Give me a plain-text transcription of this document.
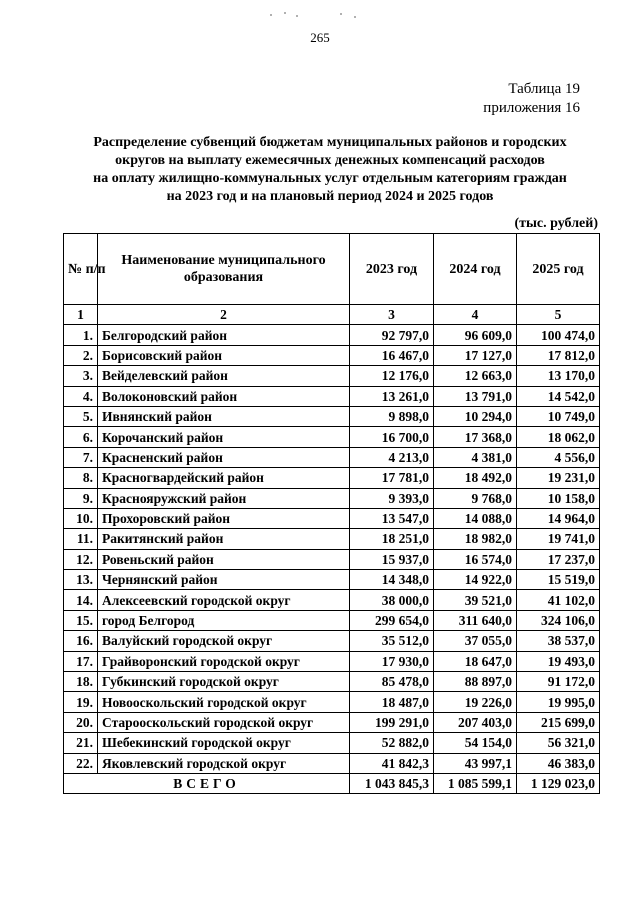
265
Таблица 19
приложения 16
Распределение субвенций бюджетам муниципальных районов и городских
округов на выплату ежемесячных денежных компенсаций расходов
на оплату жилищно-коммунальных услуг отдельным категориям граждан
на 2023 год и на плановый период 2024 и 2025 годов
(тыс. рублей)
№ п/п	Наименование муниципального образования	2023 год	2024 год	2025 год
1	2	3	4	5
1.	Белгородский район	92 797,0	96 609,0	100 474,0
2.	Борисовский район	16 467,0	17 127,0	17 812,0
3.	Вейделевский район	12 176,0	12 663,0	13 170,0
4.	Волоконовский район	13 261,0	13 791,0	14 542,0
5.	Ивнянский район	9 898,0	10 294,0	10 749,0
6.	Корочанский район	16 700,0	17 368,0	18 062,0
7.	Красненский район	4 213,0	4 381,0	4 556,0
8.	Красногвардейский район	17 781,0	18 492,0	19 231,0
9.	Краснояружский район	9 393,0	9 768,0	10 158,0
10.	Прохоровский район	13 547,0	14 088,0	14 964,0
11.	Ракитянский район	18 251,0	18 982,0	19 741,0
12.	Ровеньский район	15 937,0	16 574,0	17 237,0
13.	Чернянский район	14 348,0	14 922,0	15 519,0
14.	Алексеевский городской округ	38 000,0	39 521,0	41 102,0
15.	город Белгород	299 654,0	311 640,0	324 106,0
16.	Валуйский городской округ	35 512,0	37 055,0	38 537,0
17.	Грайворонский городской округ	17 930,0	18 647,0	19 493,0
18.	Губкинский городской округ	85 478,0	88 897,0	91 172,0
19.	Новооскольский городской округ	18 487,0	19 226,0	19 995,0
20.	Старооскольский городской округ	199 291,0	207 403,0	215 699,0
21.	Шебекинский городской округ	52 882,0	54 154,0	56 321,0
22.	Яковлевский городской округ	41 842,3	43 997,1	46 383,0
ВСЕГО		1 043 845,3	1 085 599,1	1 129 023,0
